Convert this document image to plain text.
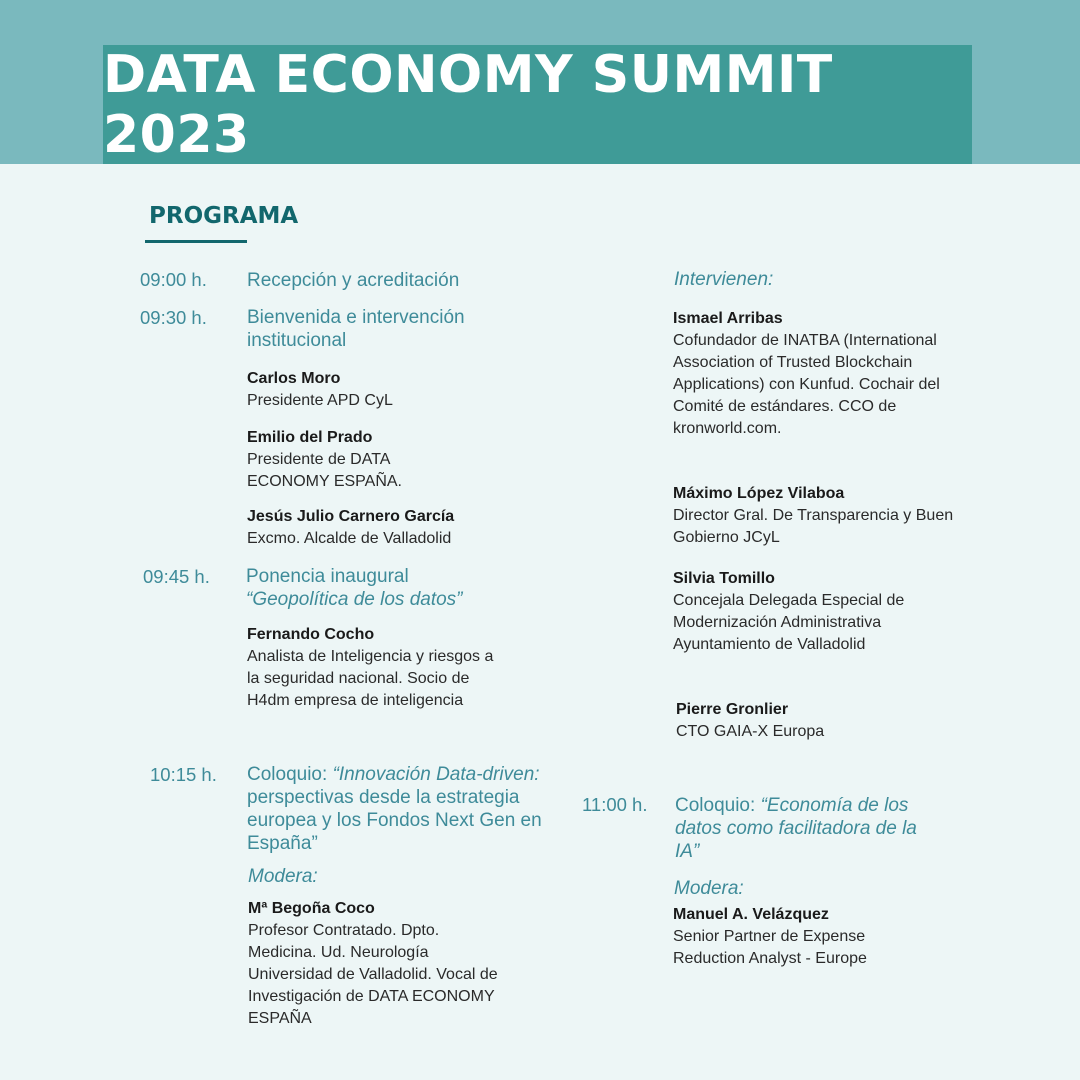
DATA ECONOMY SUMMIT 2023
PROGRAMA
09:00 h. Recepción y acreditación
09:30 h. Bienvenida e intervención institucional
Carlos Moro
Presidente APD CyL
Emilio del Prado
Presidente de DATA ECONOMY ESPAÑA.
Jesús Julio Carnero García
Excmo. Alcalde de Valladolid
09:45 h. Ponencia inaugural
“Geopolítica de los datos”
Fernando Cocho
Analista de Inteligencia y riesgos a la seguridad nacional. Socio de H4dm empresa de inteligencia
10:15 h. Coloquio: “Innovación Data-driven: perspectivas desde la estrategia europea y los Fondos Next Gen en España”
Modera:
Mª Begoña Coco
Profesor Contratado. Dpto. Medicina. Ud. Neurología Universidad de Valladolid. Vocal de Investigación de DATA ECONOMY ESPAÑA
Intervienen:
Ismael Arribas
Cofundador de INATBA (International Association of Trusted Blockchain Applications) con Kunfud. Cochair del Comité de estándares. CCO de kronworld.com.
Máximo López Vilaboa
Director Gral. De Transparencia y Buen Gobierno JCyL
Silvia Tomillo
Concejala Delegada Especial de Modernización Administrativa Ayuntamiento de Valladolid
Pierre Gronlier
CTO GAIA-X Europa
11:00 h. Coloquio: “Economía de los datos como facilitadora de la IA”
Modera:
Manuel A. Velázquez
Senior Partner de Expense Reduction Analyst - Europe
